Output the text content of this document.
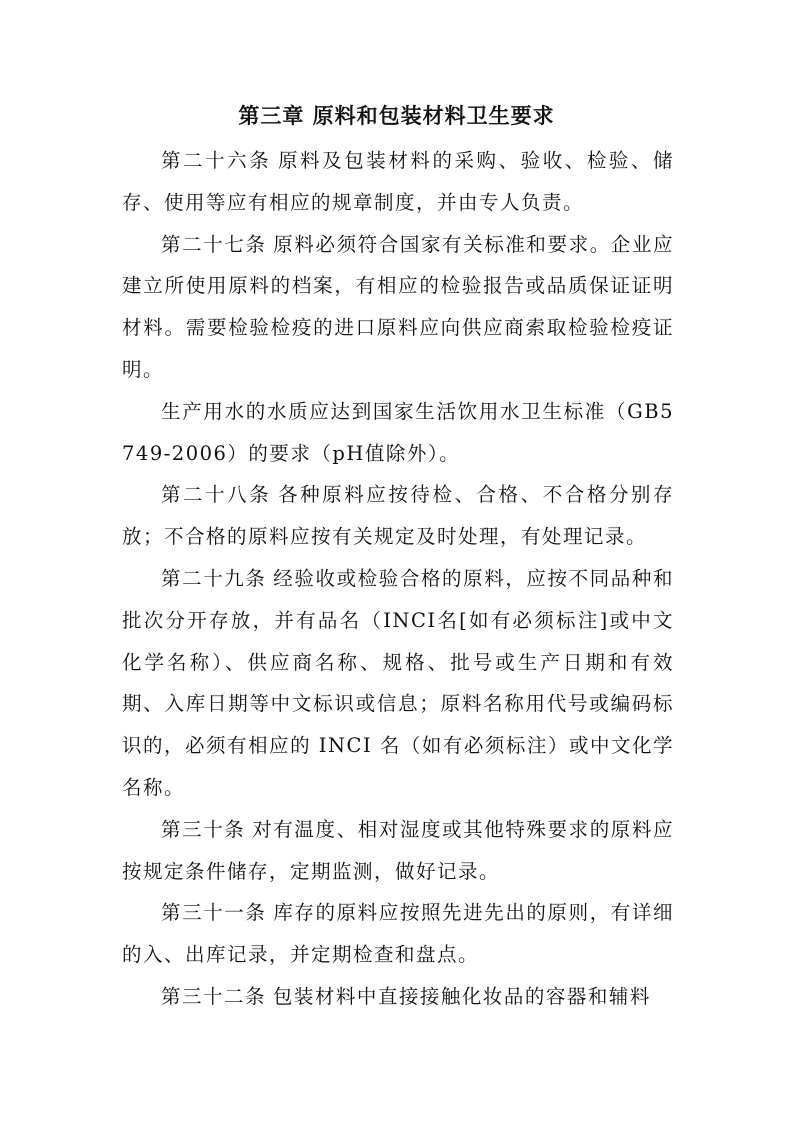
第三章 原料和包装材料卫生要求

第二十六条 原料及包装材料的采购、验收、检验、储存、使用等应有相应的规章制度，并由专人负责。

第二十七条 原料必须符合国家有关标准和要求。企业应建立所使用原料的档案，有相应的检验报告或品质保证证明材料。需要检验检疫的进口原料应向供应商索取检验检疫证明。

生产用水的水质应达到国家生活饮用水卫生标准（GB5749-2006）的要求（pH值除外）。

第二十八条 各种原料应按待检、合格、不合格分别存放；不合格的原料应按有关规定及时处理，有处理记录。

第二十九条 经验收或检验合格的原料，应按不同品种和批次分开存放，并有品名（INCI名[如有必须标注]或中文化学名称）、供应商名称、规格、批号或生产日期和有效期、入库日期等中文标识或信息；原料名称用代号或编码标识的，必须有相应的 INCI 名（如有必须标注）或中文化学名称。

第三十条 对有温度、相对湿度或其他特殊要求的原料应按规定条件储存，定期监测，做好记录。

第三十一条 库存的原料应按照先进先出的原则，有详细的入、出库记录，并定期检查和盘点。

第三十二条 包装材料中直接接触化妆品的容器和辅料
